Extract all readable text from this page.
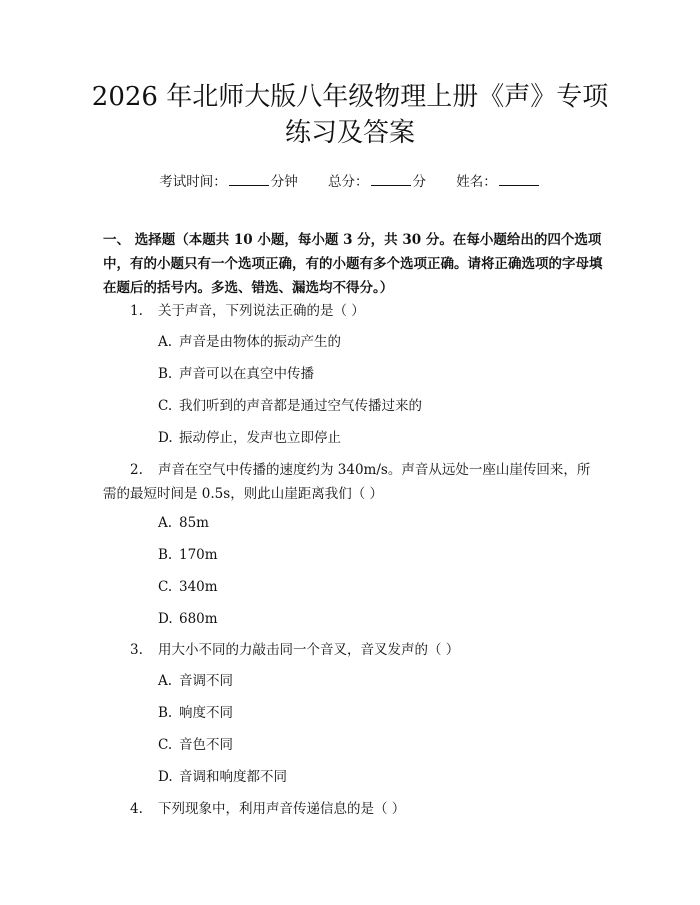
2026 年北师大版八年级物理上册《声》专项
练习及答案
考试时间：	分钟 总分：	分 姓名：
一、 选择题（本题共 10 小题，每小题 3 分，共 30 分。在每小题给出的四个选项中，有的小题只有一个选项正确，有的小题有多个选项正确。请将正确选项的字母填在题后的括号内。多选、错选、漏选均不得分。）
1. 关于声音，下列说法正确的是（ ）
A. 声音是由物体的振动产生的
B. 声音可以在真空中传播
C. 我们听到的声音都是通过空气传播过来的
D. 振动停止，发声也立即停止
2. 声音在空气中传播的速度约为 340m/s。声音从远处一座山崖传回来，所需的最短时间是 0.5s，则此山崖距离我们（ ）
A. 85m
B. 170m
C. 340m
D. 680m
3. 用大小不同的力敲击同一个音叉，音叉发声的（ ）
A. 音调不同
B. 响度不同
C. 音色不同
D. 音调和响度都不同
4. 下列现象中，利用声音传递信息的是（ ）
